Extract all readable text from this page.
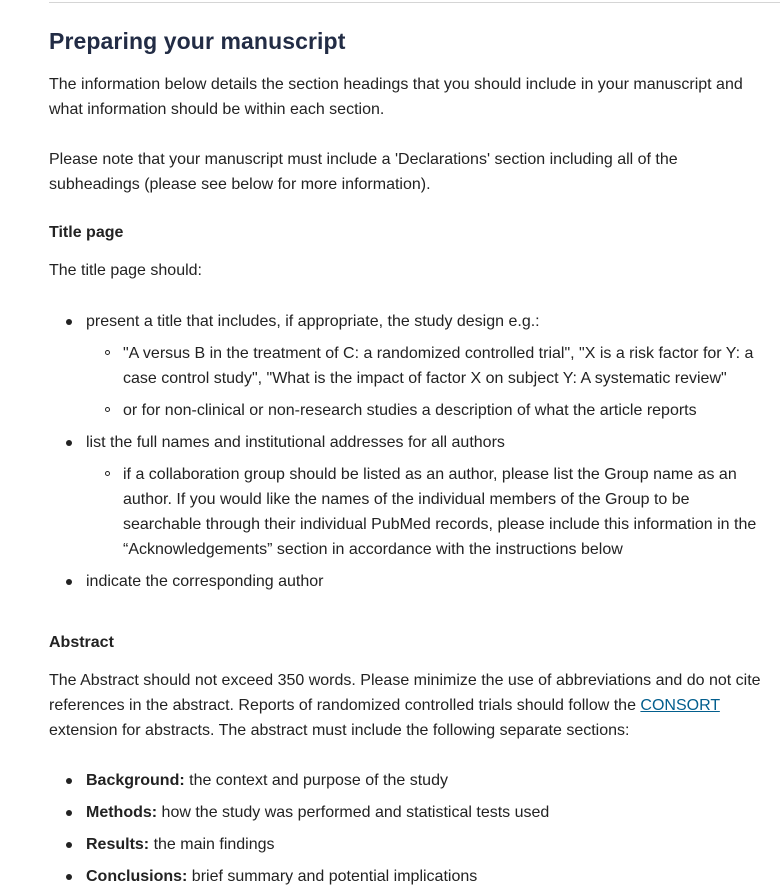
Preparing your manuscript

The information below details the section headings that you should include in your manuscript and what information should be within each section.

Please note that your manuscript must include a 'Declarations' section including all of the subheadings (please see below for more information).

Title page

The title page should:

present a title that includes, if appropriate, the study design e.g.:
"A versus B in the treatment of C: a randomized controlled trial", "X is a risk factor for Y: a case control study", "What is the impact of factor X on subject Y: A systematic review"
or for non-clinical or non-research studies a description of what the article reports
list the full names and institutional addresses for all authors
if a collaboration group should be listed as an author, please list the Group name as an author. If you would like the names of the individual members of the Group to be searchable through their individual PubMed records, please include this information in the “Acknowledgements” section in accordance with the instructions below
indicate the corresponding author
Abstract

The Abstract should not exceed 350 words. Please minimize the use of abbreviations and do not cite references in the abstract. Reports of randomized controlled trials should follow the CONSORT extension for abstracts. The abstract must include the following separate sections:

Background: the context and purpose of the study
Methods: how the study was performed and statistical tests used
Results: the main findings
Conclusions: brief summary and potential implications
